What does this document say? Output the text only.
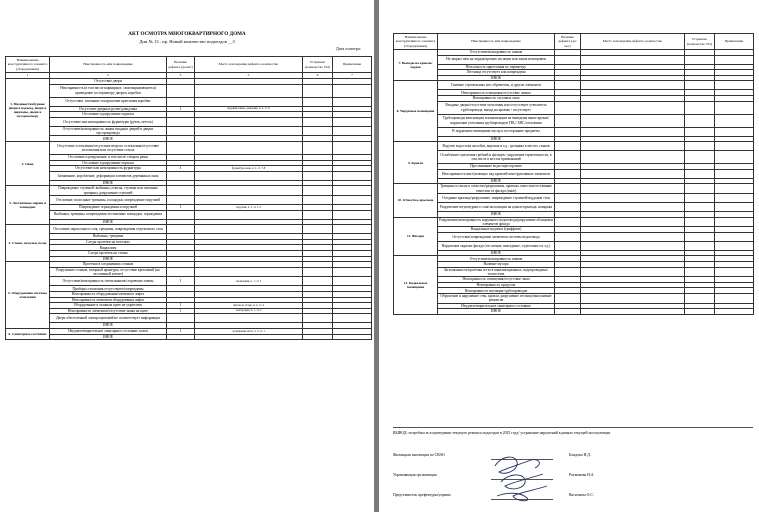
АКТ ОСМОТРА МНОГОКВАРТИРНОГО ДОМА
Дом № 13 , пр. Новый количество подъездов __3
Дата осмотра:
Наименование конструктивного элемента (оборудования)	Неисправность или повреждение	Наличие дефекта (да/нет)	Место нахождения дефекта, количество	Устранено (количество УО)	Примечание
1	2	3	5	6	7
1. Входные/тамбурные двери в подъезд, двери и переходы, двери в мусорокамеру	Отсутствие двери				
	Неисправность (в том числе шарнирное, самозакрывающееся) приведение по периметру двери и коробки				
	Отсутствие, затекание и нарушение крепления коробки				
	Отсутствие дверных ручек/доводчика	1	кодовый замок, доводчик, п. 2, эт. 9		
	Отслоение и разрушение окраски				
	Отсутствие или неисправность фурнитуры (ручек, петель)				
	Отсутствие/неисправность линии входных дверей в дверях мусоропровода				
	ИНОЕ				
2. Окна	Отсутствие остекления/отсутствие второго остекления/отсутствие уплотнения или отсутствие стекла				
	Отслоение и разрушение, в том числе створок рамы				
	Отслоение и разрушение окраски				
	Отсутствие или неисправность фурнитуры	1	фурнитура окна, п. 1, эт. 7-8		
	Загнивание, коробление, деформация элементов деревянных окон				
	ИНОЕ				
3. Лестничные марши и площадки	Повреждение ступеней: выбоины, отколы, ступени или сквозные трещины, разрушение ступеней				
	Отслоение, волосяные трещины, площадки, повреждение поручней				
	Повреждение ограждения и поручней	1	поручни, п. 3, эт. 1-2		
	Выбоины, трещины, повреждения лестничных площадок, ограждения				
	ИНОЕ				
4. Стены, потолки, полы	Отслоение окрасочного слоя, трещины, повреждения отделочного слоя				
	Выбоины, трещины				
	Следы протечек на потолках				
	Вандализм				
	Следы протечек на стенах				
	ИНОЕ				
5. Оборудование системы отопления	Протечки в соединениях стояков				
	Разрушение стояков, запорной арматуры, отсутствие креплений (на лестничной клетке)				
	Отсутствие/неисправность светильников/сгоревшие лампы	1	светильник, п. 1, эт. 3		
	Приборы отопления отсутствуют/повреждены				
	Неисправность оборудования/элементов лифта				
	Неисправность элементов оборудования лифта				
	Оборудование в этажном щите не укреплено	1	щиток на этаже, п. 2, эт. 4		
	Неисправность элементов/отсутствие замка на щите	1	электрощит, п. 1, эт. 2		
	Дверь обесточенной электрощитовой/не соответствует информация				
	ИНОЕ				
6. Санитарное состояние	Неудовлетворительное санитарное состояние полов	1	загрязнение пола, п. 3, эт. 1		
	ИНОЕ				
Наименование конструктивного элемента (оборудования)	Неисправность или повреждение	Наличие дефекта (да/нет)	Место нахождения дефекта, количество	Устранено (количество УО)	Примечание
7. Выходы на кровлю/чердак	Отсутствие/неисправность замков				
	Не закрыт люк на чердак/кровлю на замок или замок неисправен				
	Неплотность прилегания по периметру				
	Лестница отсутствует или повреждена				
	ИНОЕ				
8. Чердачное помещение	Гниение стропильных ног, обрешетки, и других элементов				
	Неисправность освещения/отсутствие лампы				
	Неисправность слуховых окон				
	Входные двери/отсутствие отопления или отсутствует утеплитель трубопровода, выход на кровлю / отсутствует				
	Трубопроводы вентиляции и канализации не выведены выше кровли/нарушение утепления трубопроводов ГВС/ ХВС/отопления				
	В чердачном помещении мусор и посторонние предметы				
	ИНОЕ				
9. Кровля	Вздутие водостока желобов, воронок и т.д., трещины в местах стыков				
	Ослабление сцепления гребней и фальцев / нарушение герметичности, в том числе в местах примыканий				
	Просачивание воды через кровлю				
	Неисправность выступающих над кровлей конструктивных элементов				
	ИНОЕ				
10. Отмостка, крыльца	Трещины и сколы в отмостке/разрушения, провалы отмостки/отставание отмостки от фасада (иное)				
	Оседание крыльца/разрушение, повреждение ступеней/поддонов стен				
	Разрушение штукатурного слоя/экспозиции на цоколе крыльца, козырька				
	ИНОЕ				
11. Фасады	Разрушение/неисправность наружного водоотвода/разрушение облицовки элементов фасада				
	Вандальные надписи (граффити)				
	Отсутствие/повреждение элементов системы водоотвода				
	Нарушение окраски фасада (отслоение, выпадение, отделочного и т.д.)				
	ИНОЕ				
12. Подвальное помещение	Отсутствие/неисправность замков				
	Наличие мусора				
	Загазованность/протечки из-за в канализационных, водопроводных/теплосетях				
	Неисправность освещения/отсутствие ламп				
	Неисправность продухов				
	Неисправность изоляции/трубопроводов				
	Обрушение и нарушение стен, кровли, разрушение лестниц/выполнение ремонтов				
	Неудовлетворительное санитарное состояние				
	ИНОЕ				
ВЫВОД: потребность в проведении текущего ремонта подъездов в 2025 году/ устранение нарушений в рамках текущей эксплуатации
Жилищная инспекция по СВАО	Бомдова Н.Д.
Управляющая организация	Рахманова Н.А.
Представитель префектуры/управы	Васильева О.С.
